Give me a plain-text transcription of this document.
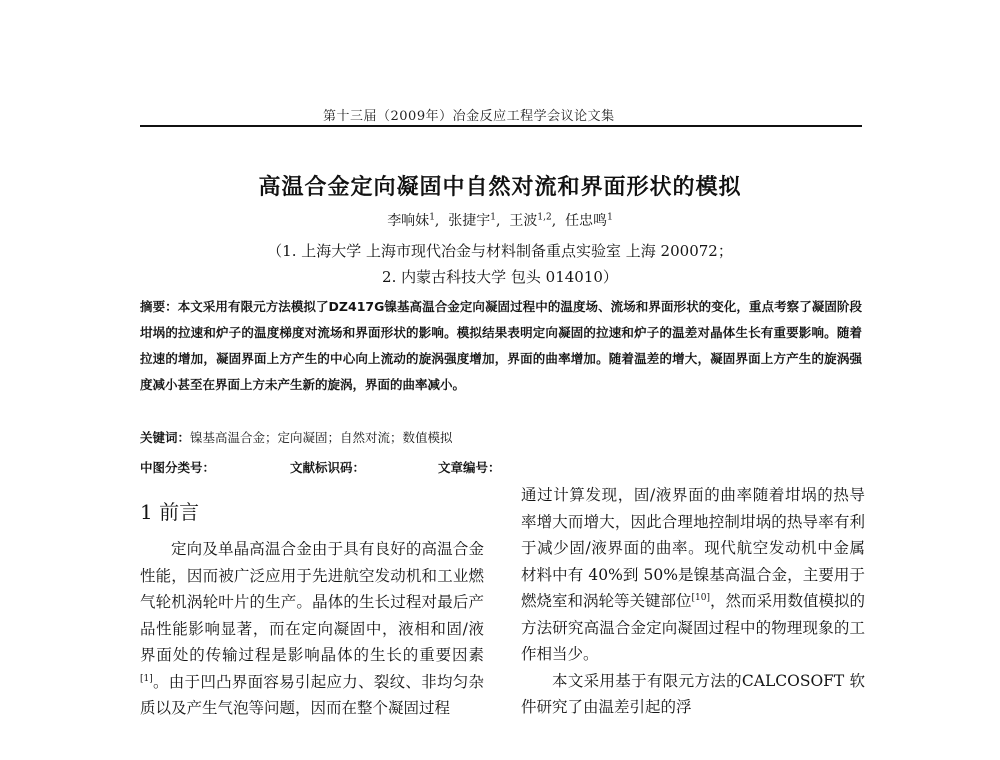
第十三届（2009年）冶金反应工程学会议论文集
高温合金定向凝固中自然对流和界面形状的模拟
李响妹$^1$,  张捷宇$^1$,  王波$^{1,2}$,  任忠鸣$^1$
（1. 上海大学 上海市现代冶金与材料制备重点实验室 上海 200072；
2. 内蒙古科技大学 包头 014010）
摘要：本文采用有限元方法模拟了DZ417G镍基高温合金定向凝固过程中的温度场、流场和界面形状的变化，重点考察了凝固阶段坩埚的拉速和炉子的温度梯度对流场和界面形状的影响。模拟结果表明定向凝固的拉速和炉子的温差对晶体生长有重要影响。随着拉速的增加，凝固界面上方产生的中心向上流动的旋涡强度增加，界面的曲率增加。随着温差的增大，凝固界面上方产生的旋涡强度减小甚至在界面上方未产生新的旋涡，界面的曲率减小。
关键词：镍基高温合金；定向凝固；自然对流；数值模拟
中图分类号：	文献标识码：	文章编号：
1 前言

定向及单晶高温合金由于具有良好的高温合金性能，因而被广泛应用于先进航空发动机和工业燃气轮机涡轮叶片的生产。晶体的生长过程对最后产品性能影响显著，而在定向凝固中，液相和固/液界面处的传输过程是影响晶体的生长的重要因素[1]。由于凹凸界面容易引起应力、裂纹、非均匀杂质以及产生气泡等问题，因而在整个凝固过程

通过计算发现，固/液界面的曲率随着坩埚的热导率增大而增大，因此合理地控制坩埚的热导率有利于减少固/液界面的曲率。现代航空发动机中金属材料中有 40%到 50%是镍基高温合金，主要用于燃烧室和涡轮等关键部位[10]，然而采用数值模拟的方法研究高温合金定向凝固过程中的物理现象的工作相当少。

本文采用基于有限元方法的CALCOSOFT 软件研究了由温差引起的浮
